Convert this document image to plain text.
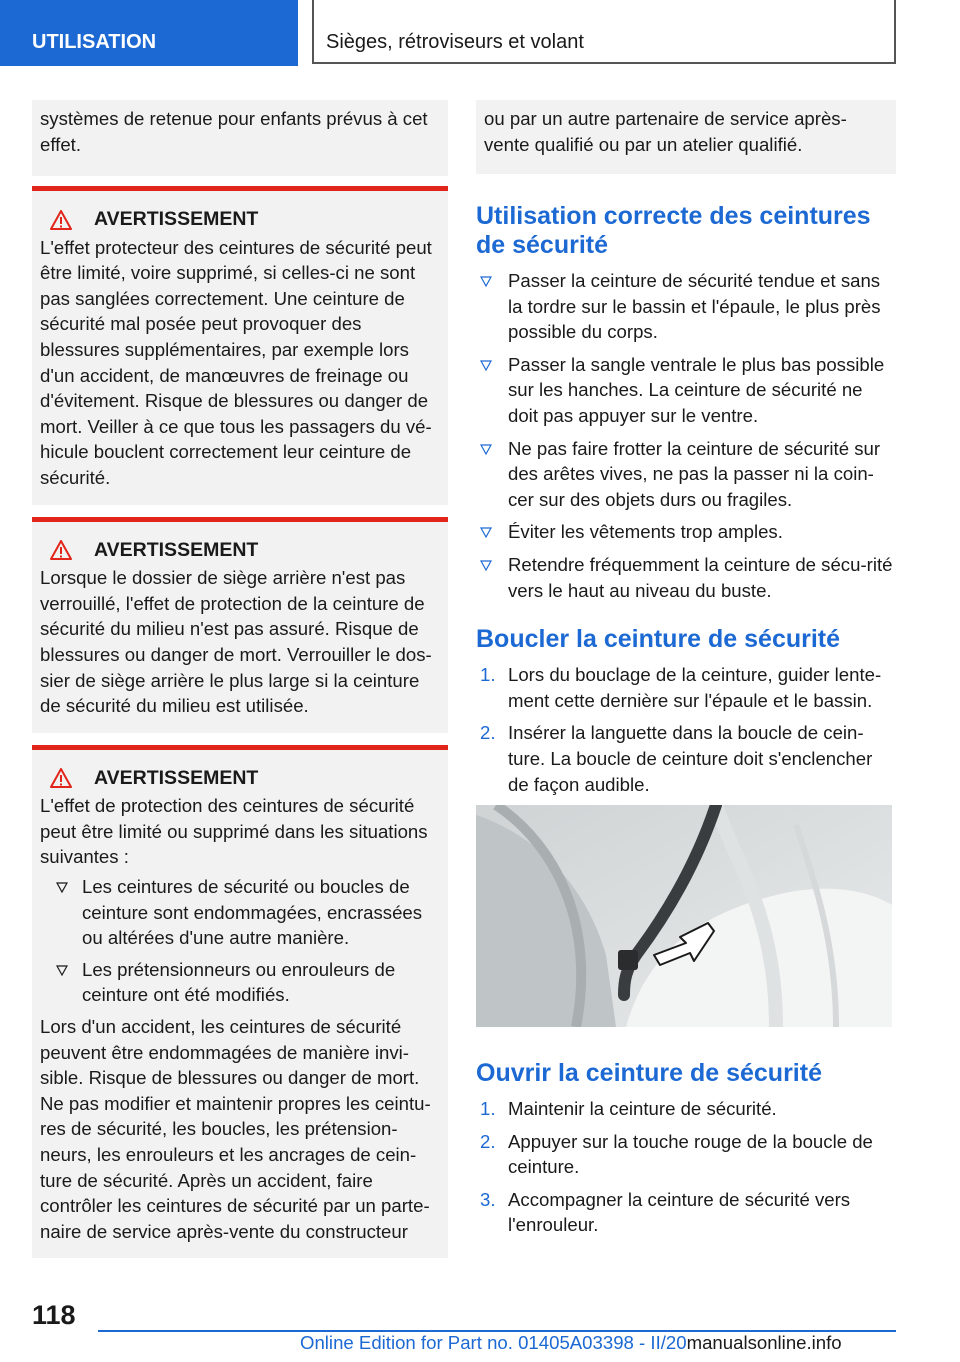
UTILISATION	Sièges, rétroviseurs et volant
systèmes de retenue pour enfants prévus à cet effet.
AVERTISSEMENT
L'effet protecteur des ceintures de sécurité peut être limité, voire supprimé, si celles-ci ne sont pas sanglées correctement. Une ceinture de sécurité mal posée peut provoquer des blessures supplémentaires, par exemple lors d'un accident, de manœuvres de freinage ou d'évitement. Risque de blessures ou danger de mort. Veiller à ce que tous les passagers du vé-hicule bouclent correctement leur ceinture de sécurité.
AVERTISSEMENT
Lorsque le dossier de siège arrière n'est pas verrouillé, l'effet de protection de la ceinture de sécurité du milieu n'est pas assuré. Risque de blessures ou danger de mort. Verrouiller le dos-sier de siège arrière le plus large si la ceinture de sécurité du milieu est utilisée.
AVERTISSEMENT
L'effet de protection des ceintures de sécurité peut être limité ou supprimé dans les situations suivantes :
Les ceintures de sécurité ou boucles de ceinture sont endommagées, encrassées ou altérées d'une autre manière.
Les prétensionneurs ou enrouleurs de ceinture ont été modifiés.
Lors d'un accident, les ceintures de sécurité peuvent être endommagées de manière invi-sible. Risque de blessures ou danger de mort. Ne pas modifier et maintenir propres les ceintu-res de sécurité, les boucles, les prétension-neurs, les enrouleurs et les ancrages de cein-ture de sécurité. Après un accident, faire contrôler les ceintures de sécurité par un parte-naire de service après-vente du constructeur
ou par un autre partenaire de service après-vente qualifié ou par un atelier qualifié.
Utilisation correcte des ceintures de sécurité
Passer la ceinture de sécurité tendue et sans la tordre sur le bassin et l'épaule, le plus près possible du corps.
Passer la sangle ventrale le plus bas possible sur les hanches. La ceinture de sécurité ne doit pas appuyer sur le ventre.
Ne pas faire frotter la ceinture de sécurité sur des arêtes vives, ne pas la passer ni la coin-cer sur des objets durs ou fragiles.
Éviter les vêtements trop amples.
Retendre fréquemment la ceinture de sécu-rité vers le haut au niveau du buste.
Boucler la ceinture de sécurité
1. Lors du bouclage de la ceinture, guider lente-ment cette dernière sur l'épaule et le bassin.
2. Insérer la languette dans la boucle de cein-ture. La boucle de ceinture doit s'enclencher de façon audible.
Ouvrir la ceinture de sécurité
1. Maintenir la ceinture de sécurité.
2. Appuyer sur la touche rouge de la boucle de ceinture.
3. Accompagner la ceinture de sécurité vers l'enrouleur.
118
Online Edition for Part no. 01405A03398 - II/20manualsonline.info
